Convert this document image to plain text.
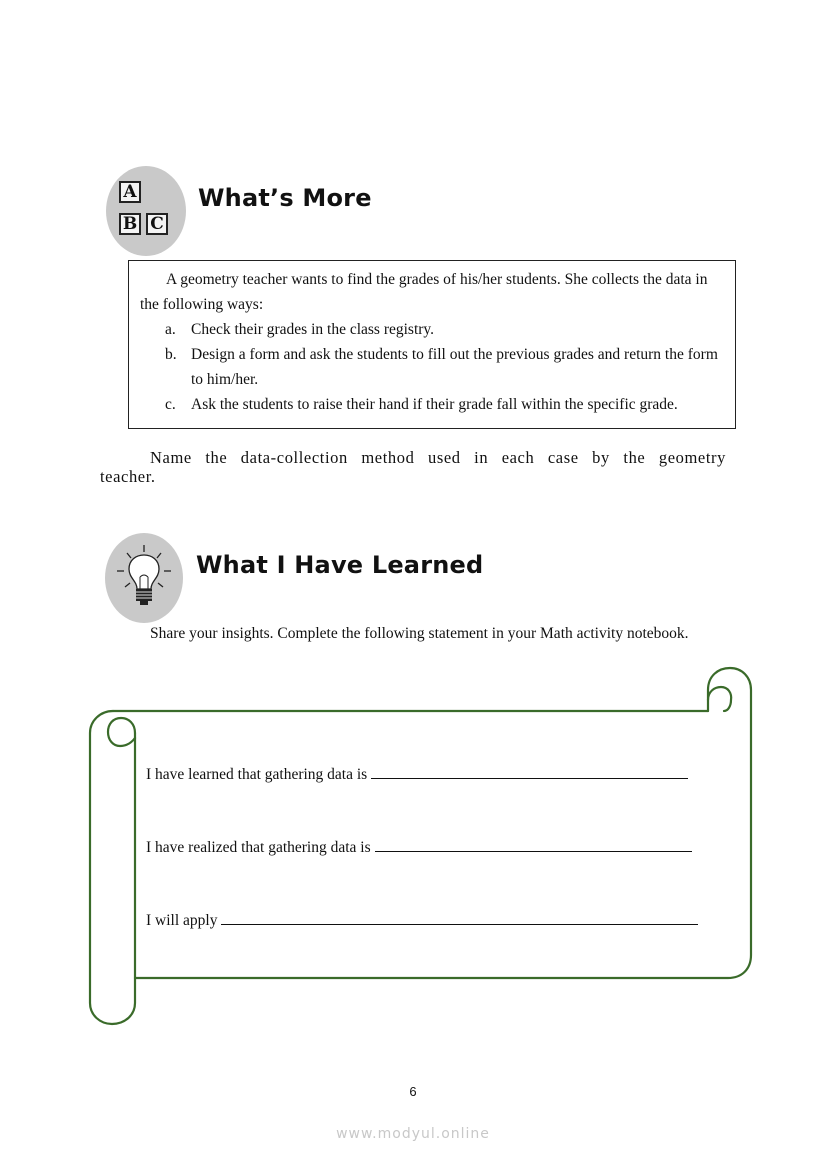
A
B C
What’s More
A geometry teacher wants to find the grades of his/her students. She collects the data in the following ways:
a. Check their grades in the class registry.
b. Design a form and ask the students to fill out the previous grades and return the form to him/her.
c. Ask the students to raise their hand if their grade fall within the specific grade.
Name the data-collection method used in each case by the geometry teacher.
What I Have Learned
Share your insights. Complete the following statement in your Math activity notebook.
I have learned that gathering data is
I have realized that gathering data is
I will apply
6
www.modyul.online
